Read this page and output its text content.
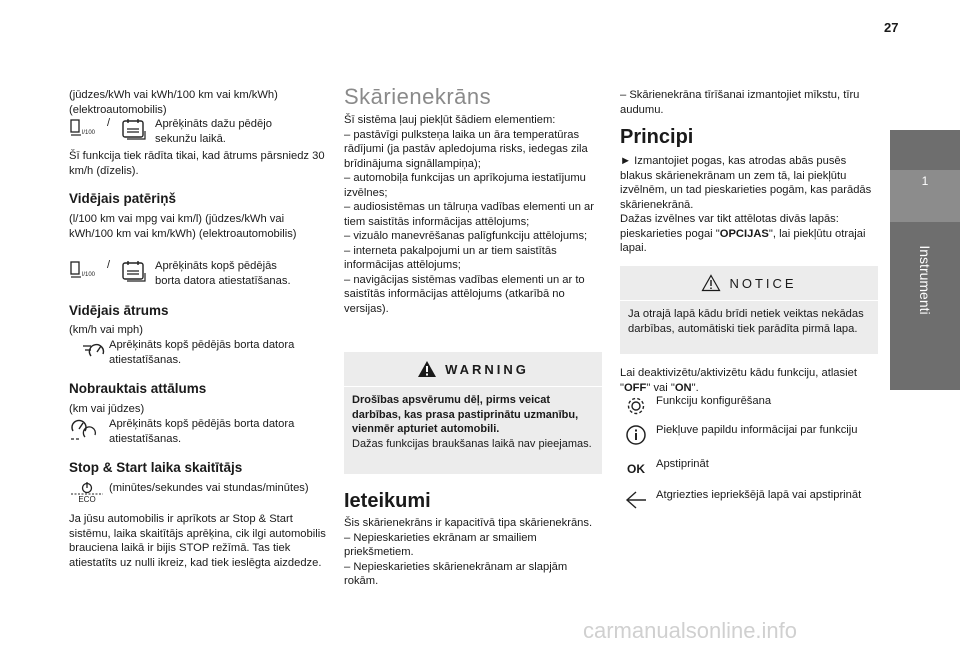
27
1
Instrumenti

(jūdzes/kWh vai kWh/100 km vai km/kWh) (elektroautomobilis)

l/100
/	Aprēķināts dažu pēdējo sekunžu laikā.

Šī funkcija tiek rādīta tikai, kad ātrums pārsniedz 30 km/h (dīzelis).

Vidējais patēriņš

(l/100 km vai mpg vai km/l) (jūdzes/kWh vai kWh/100 km vai km/kWh) (elektroautomobilis)

l/100
/	Aprēķināts kopš pēdējās borta datora atiestatīšanas.
Vidējais ātrums

(km/h vai mph)

Aprēķināts kopš pēdējās borta datora atiestatīšanas.
Nobrauktais attālums

(km vai jūdzes)

Aprēķināts kopš pēdējās borta datora atiestatīšanas.
Stop & Start laika skaitītājs
ECO
(minūtes/sekundes vai stundas/minūtes)

Ja jūsu automobilis ir aprīkots ar Stop & Start sistēmu, laika skaitītājs aprēķina, cik ilgi automobilis brauciena laikā ir bijis STOP režīmā. Tas tiek atiestatīts uz nulli ikreiz, kad tiek ieslēgta aizdedze.

Skārienekrāns

Šī sistēma ļauj piekļūt šādiem elementiem:

– pastāvīgi pulksteņa laika un āra temperatūras rādījumi (ja pastāv apledojuma risks, iedegas zila brīdinājuma signāllampiņa);

– automobiļa funkcijas un aprīkojuma iestatījumu izvēlnes;

– audiosistēmas un tālruņa vadības elementi un ar tiem saistītās informācijas attēlojums;

– vizuālo manevrēšanas palīgfunkciju attēlojums;

– interneta pakalpojumi un ar tiem saistītās informācijas attēlojums;

– navigācijas sistēmas vadības elementi un ar to saistītās informācijas attēlojums (atkarībā no versijas).

WARNING

Drošības apsvērumu dēļ, pirms veicat darbības, kas prasa pastiprinātu uzmanību, vienmēr apturiet automobili.

Dažas funkcijas braukšanas laikā nav pieejamas.

Ieteikumi

Šis skārienekrāns ir kapacitīvā tipa skārienekrāns.

– Nepieskarieties ekrānam ar smailiem priekšmetiem.

– Nepieskarieties skārienekrānam ar slapjām rokām.

– Skārienekrāna tīrīšanai izmantojiet mīkstu, tīru audumu.

Principi

► Izmantojiet pogas, kas atrodas abās pusēs blakus skārienekrānam un zem tā, lai piekļūtu izvēlnēm, un tad pieskarieties pogām, kas parādās skārienekrānā.

Dažas izvēlnes var tikt attēlotas divās lapās: pieskarieties pogai "OPCIJAS", lai piekļūtu otrajai lapai.

NOTICE

Ja otrajā lapā kādu brīdi netiek veiktas nekādas darbības, automātiski tiek parādīta pirmā lapa.

Lai deaktivizētu/aktivizētu kādu funkciju, atlasiet "OFF" vai "ON".

Funkciju konfigurēšana
Piekļuve papildu informācijai par funkciju
OK Apstiprināt
Atgriezties iepriekšējā lapā vai apstiprināt
carmanualsonline.info
